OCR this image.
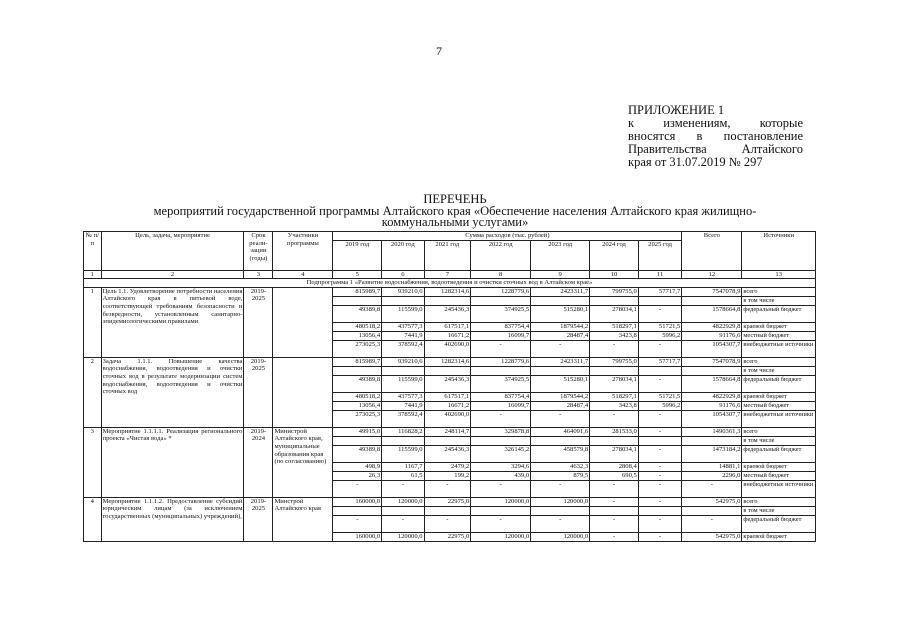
7
ПРИЛОЖЕНИЕ 1
к изменениям, которые
вносятся в постановление
Правительства Алтайского
края от 31.07.2019 № 297
ПЕРЕЧЕНЬ
мероприятий государственной программы Алтайского края «Обеспечение населения Алтайского края жилищно-
коммунальными услугами»
№ п/п	Цель, задача, мероприятие	Срок реали-зации (годы)	Участники программы	Сумма расходов (тыс. рублей)							Всего	Источники
				2019 год	2020 год	2021 год	2022 год	2023 год	2024 год	2025 год		
1	2	3	4	5	6	7	8	9	10	11	12	13
Подпрограмма 1 «Развитие водоснабжения, водоотведения и очистки сточных вод в Алтайском крае»												
1	Цель 1.1. Удовлетворение потребности населения Алтайского края в питьевой воде, соответствующей требованиям безопасности и безвредности, установленным санитарно-эпидемиологическими правилами	2019-2025		815989,7	939210,6	1282314,6	1228779,6	2423311,7	799755,0	57717,7	7547078,9	всего
												в том числе
				49389,8	115599,0	245436,3	374925,5	515280,1	278034,1	-	1578664,8	федеральный бюджет
				480518,2	437577,3	617517,1	837754,4	1879544,2	518297,1	51721,5	4822929,8	краевой бюджет
				13056,4	7441,9	16671,2	16099,7	28487,4	3423,8	5996,2	91176,6	местный бюджет
				273025,3	378592,4	402690,0	-	-	-	-	1054307,7	внебюджетные источники
2	Задача 1.1.1. Повышение качества водоснабжения, водоотведения и очистки сточных вод в результате модернизации систем водоснабжения, водоотведения и очистки сточных вод	2019-2025		815989,7	939210,6	1282314,6	1228779,6	2423311,7	799755,0	57717,7	7547078,9	всего
												в том числе
				49389,8	115599,0	245436,3	374925,5	515280,1	278034,1	-	1578664,8	федеральный бюджет
				480518,2	437577,3	617517,1	837754,4	1879544,2	518297,1	51721,5	4822929,8	краевой бюджет
				13056,4	7441,9	16671,2	16099,7	28487,4	3423,8	5996,2	91176,6	местный бюджет
				273025,3	378592,4	402690,0	-	-	-	-	1054307,7	внебюджетные источники
3	Мероприятие 1.1.1.1. Реализация регионального проекта «Чистая вода» *	2019-2024	Министрой Алтайского края, муниципальные образования края (по согласованию)	49915,0	116828,2	248114,7	329878,8	464091,6	281533,0	-	1490361,3	всего
												в том числе
				49389,8	115599,0	245436,3	326145,2	458579,8	278034,1	-	1473184,2	федеральный бюджет
				498,9	1167,7	2479,2	3294,6	4632,3	2808,4	-	14881,1	краевой бюджет
				26,3	61,5	199,2	439,0	879,5	690,5	-	2296,0	местный бюджет
				-	-	-	-	-	-	-	-	внебюджетные источники
4	Мероприятие 1.1.1.2. Предоставление субсидий юридическим лицам (за исключением государственных (муниципальных) учреждений),	2019-2025	Минстрой Алтайского края	160000,0	120000,0	22975,0	120000,0	120000,0	-	-	542975,0	всего
												в том числе
				-	-	-	-	-	-	-	-	федеральный бюджет
				160000,0	120000,0	22975,0	120000,0	120000,0	-	-	542975,0	краевой бюджет
